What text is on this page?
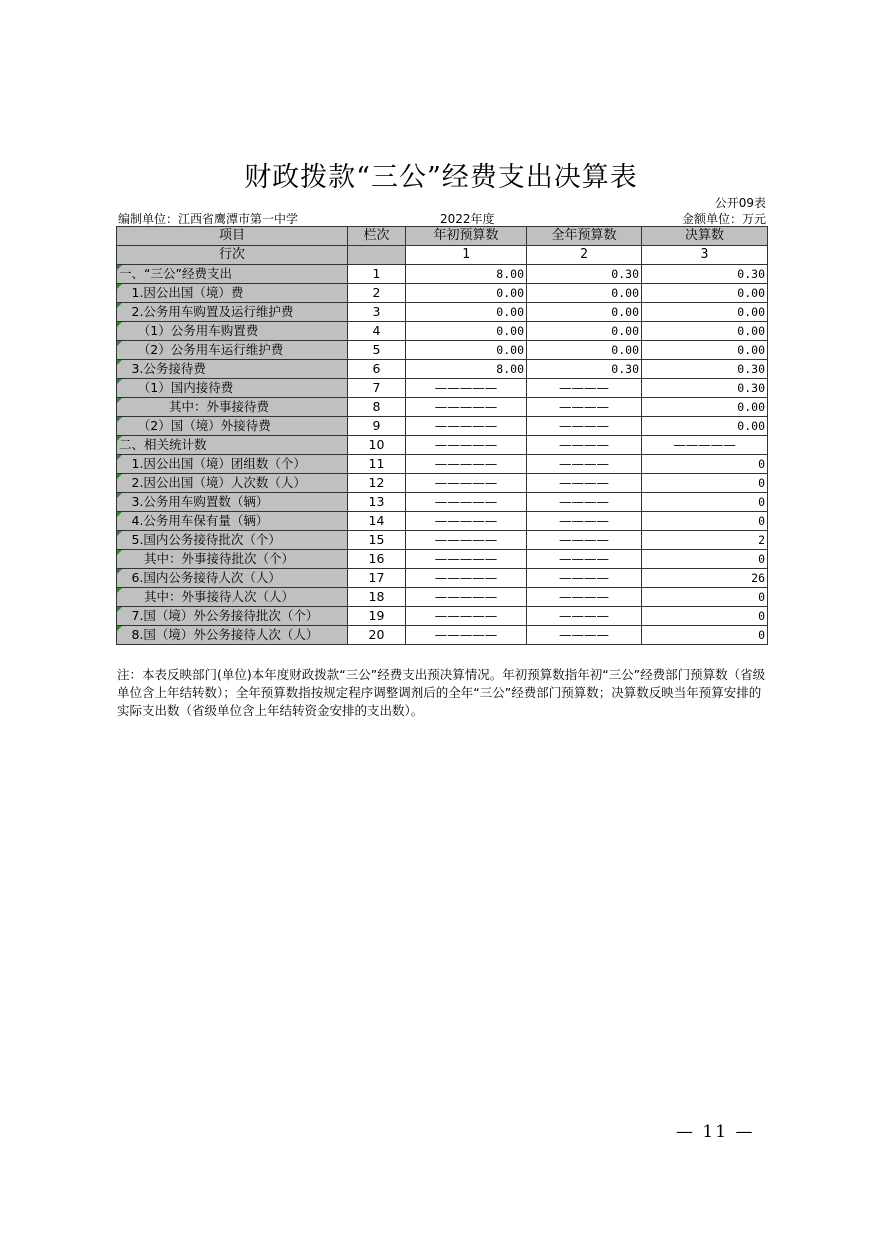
财政拨款“三公”经费支出决算表
公开09表
编制单位：江西省鹰潭市第一中学	2022年度	金额单位：万元
项目	栏次	年初预算数	全年预算数	决算数
行次		1	2	3
一、“三公”经费支出	1	8.00	0.30	0.30
　1.因公出国（境）费	2	0.00	0.00	0.00
　2.公务用车购置及运行维护费	3	0.00	0.00	0.00
　　（1）公务用车购置费	4	0.00	0.00	0.00
　　（2）公务用车运行维护费	5	0.00	0.00	0.00
　3.公务接待费	6	8.00	0.30	0.30
　　（1）国内接待费	7	—————	————	0.30
　　　　其中：外事接待费	8	—————	————	0.00
　　（2）国（境）外接待费	9	—————	————	0.00
二、相关统计数	10	—————	————	—————
　1.因公出国（境）团组数（个）	11	—————	————	0
　2.因公出国（境）人次数（人）	12	—————	————	0
　3.公务用车购置数（辆）	13	—————	————	0
　4.公务用车保有量（辆）	14	—————	————	0
　5.国内公务接待批次（个）	15	—————	————	2
　　其中：外事接待批次（个）	16	—————	————	0
　6.国内公务接待人次（人）	17	—————	————	26
　　其中：外事接待人次（人）	18	—————	————	0
　7.国（境）外公务接待批次（个）	19	—————	————	0
　8.国（境）外公务接待人次（人）	20	—————	————	0
注：本表反映部门(单位)本年度财政拨款“三公”经费支出预决算情况。年初预算数指年初“三公”经费部门预算数（省级单位含上年结转数）；全年预算数指按规定程序调整调剂后的全年“三公”经费部门预算数；决算数反映当年预算安排的实际支出数（省级单位含上年结转资金安排的支出数）。
— 11 —
